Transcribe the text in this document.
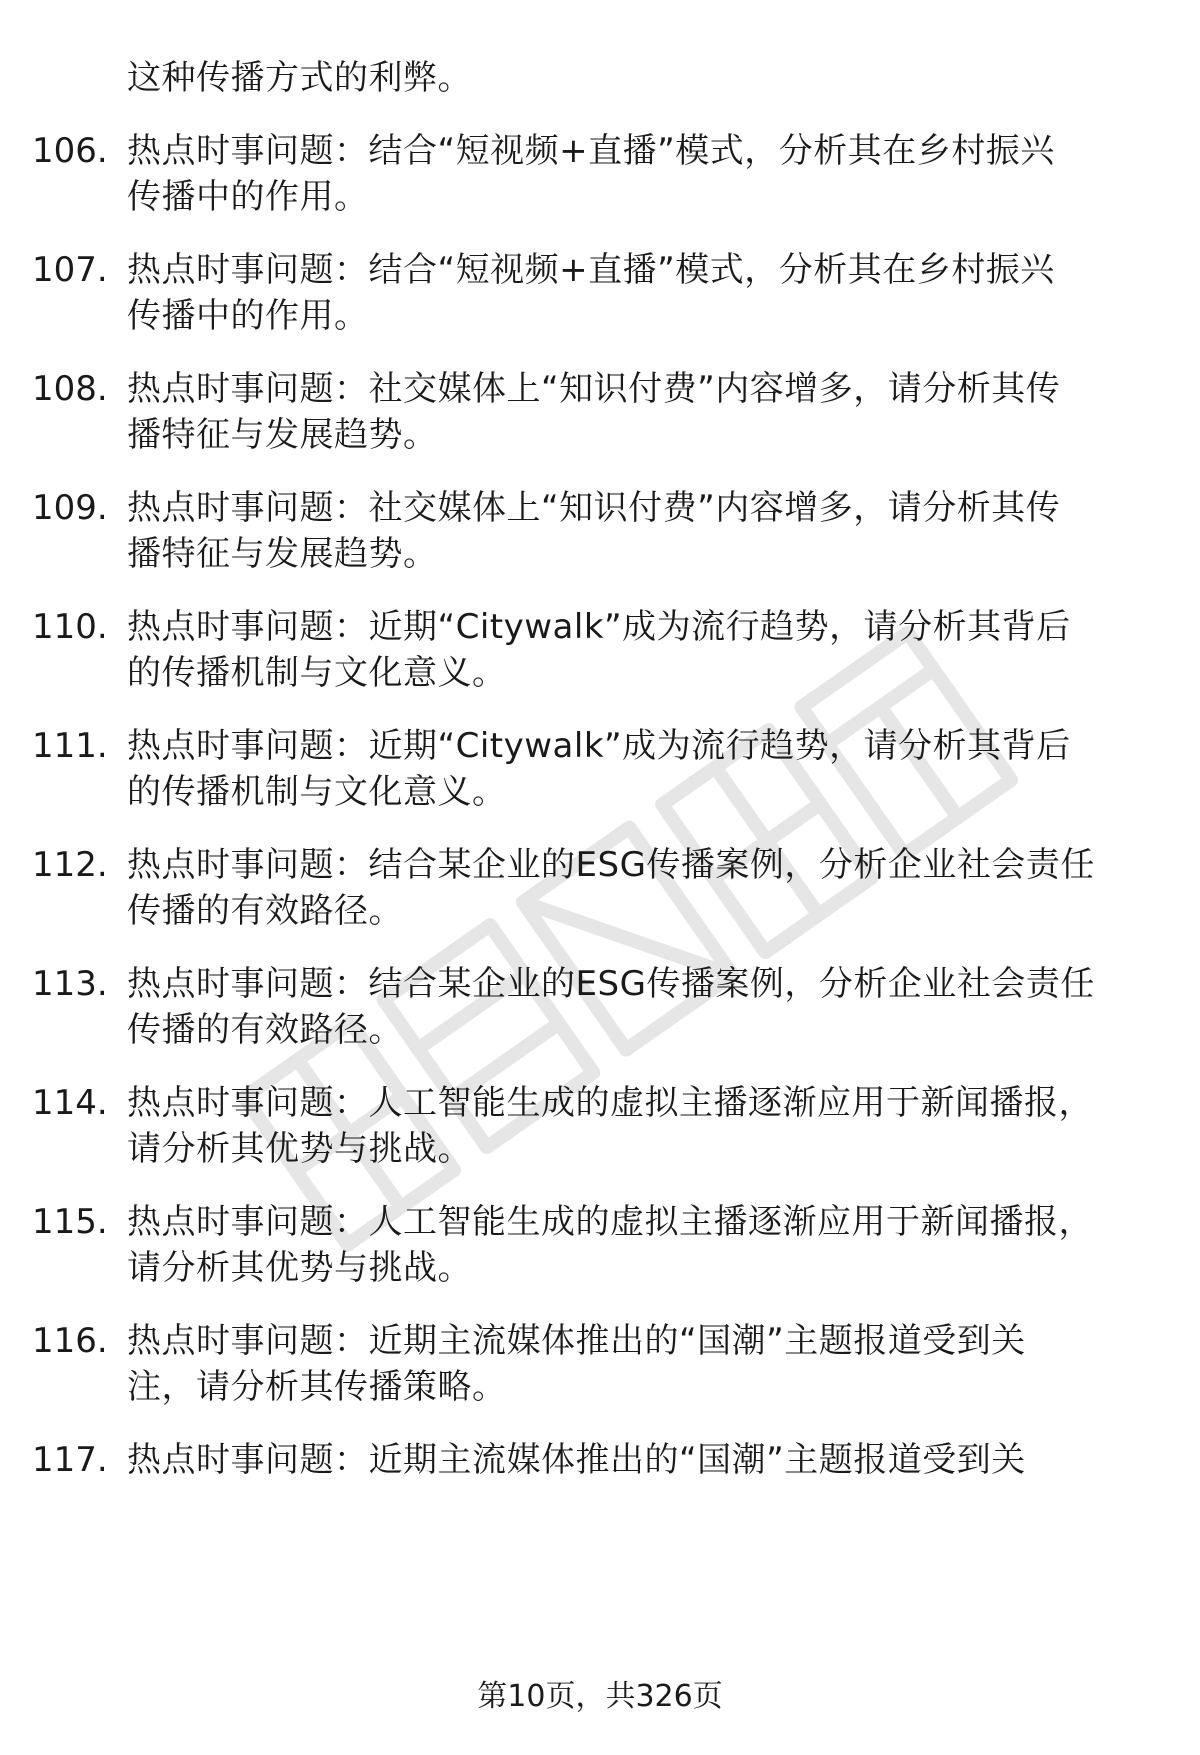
这种传播方式的利弊。
106. 热点时事问题：结合“短视频+直播”模式，分析其在乡村振兴
传播中的作用。
107. 热点时事问题：结合“短视频+直播”模式，分析其在乡村振兴
传播中的作用。
108. 热点时事问题：社交媒体上“知识付费”内容增多，请分析其传
播特征与发展趋势。
109. 热点时事问题：社交媒体上“知识付费”内容增多，请分析其传
播特征与发展趋势。
110. 热点时事问题：近期“Citywalk”成为流行趋势，请分析其背后
的传播机制与文化意义。
111. 热点时事问题：近期“Citywalk”成为流行趋势，请分析其背后
的传播机制与文化意义。
112. 热点时事问题：结合某企业的ESG传播案例，分析企业社会责任
传播的有效路径。
113. 热点时事问题：结合某企业的ESG传播案例，分析企业社会责任
传播的有效路径。
114. 热点时事问题：人工智能生成的虚拟主播逐渐应用于新闻播报，
请分析其优势与挑战。
115. 热点时事问题：人工智能生成的虚拟主播逐渐应用于新闻播报，
请分析其优势与挑战。
116. 热点时事问题：近期主流媒体推出的“国潮”主题报道受到关
注，请分析其传播策略。
117. 热点时事问题：近期主流媒体推出的“国潮”主题报道受到关
第10页，共326页
